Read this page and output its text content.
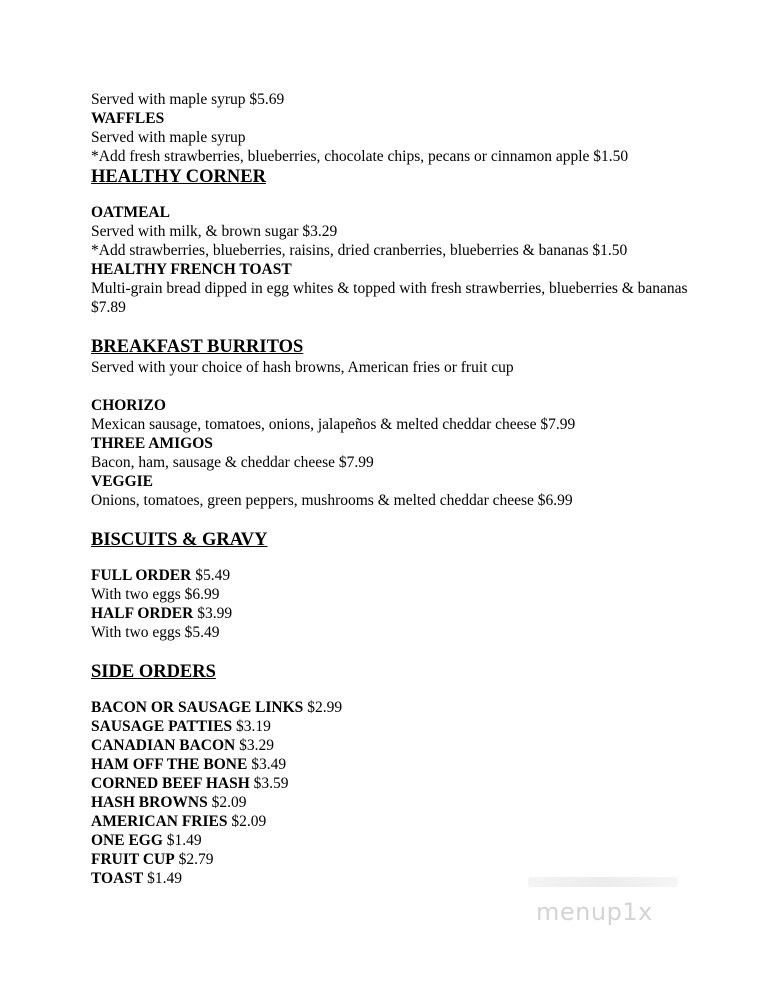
Served with maple syrup $5.69
WAFFLES
Served with maple syrup
*Add fresh strawberries, blueberries, chocolate chips, pecans or cinnamon apple $1.50
HEALTHY CORNER
OATMEAL
Served with milk, & brown sugar $3.29
*Add strawberries, blueberries, raisins, dried cranberries, blueberries & bananas $1.50
HEALTHY FRENCH TOAST
Multi-grain bread dipped in egg whites & topped with fresh strawberries, blueberries & bananas $7.89
BREAKFAST BURRITOS
Served with your choice of hash browns, American fries or fruit cup
CHORIZO
Mexican sausage, tomatoes, onions, jalapeños & melted cheddar cheese $7.99
THREE AMIGOS
Bacon, ham, sausage & cheddar cheese $7.99
VEGGIE
Onions, tomatoes, green peppers, mushrooms & melted cheddar cheese $6.99
BISCUITS & GRAVY
FULL ORDER $5.49
With two eggs $6.99
HALF ORDER $3.99
With two eggs $5.49
SIDE ORDERS
BACON OR SAUSAGE LINKS $2.99
SAUSAGE PATTIES $3.19
CANADIAN BACON $3.29
HAM OFF THE BONE $3.49
CORNED BEEF HASH $3.59
HASH BROWNS $2.09
AMERICAN FRIES $2.09
ONE EGG $1.49
FRUIT CUP $2.79
TOAST $1.49
menup1x
